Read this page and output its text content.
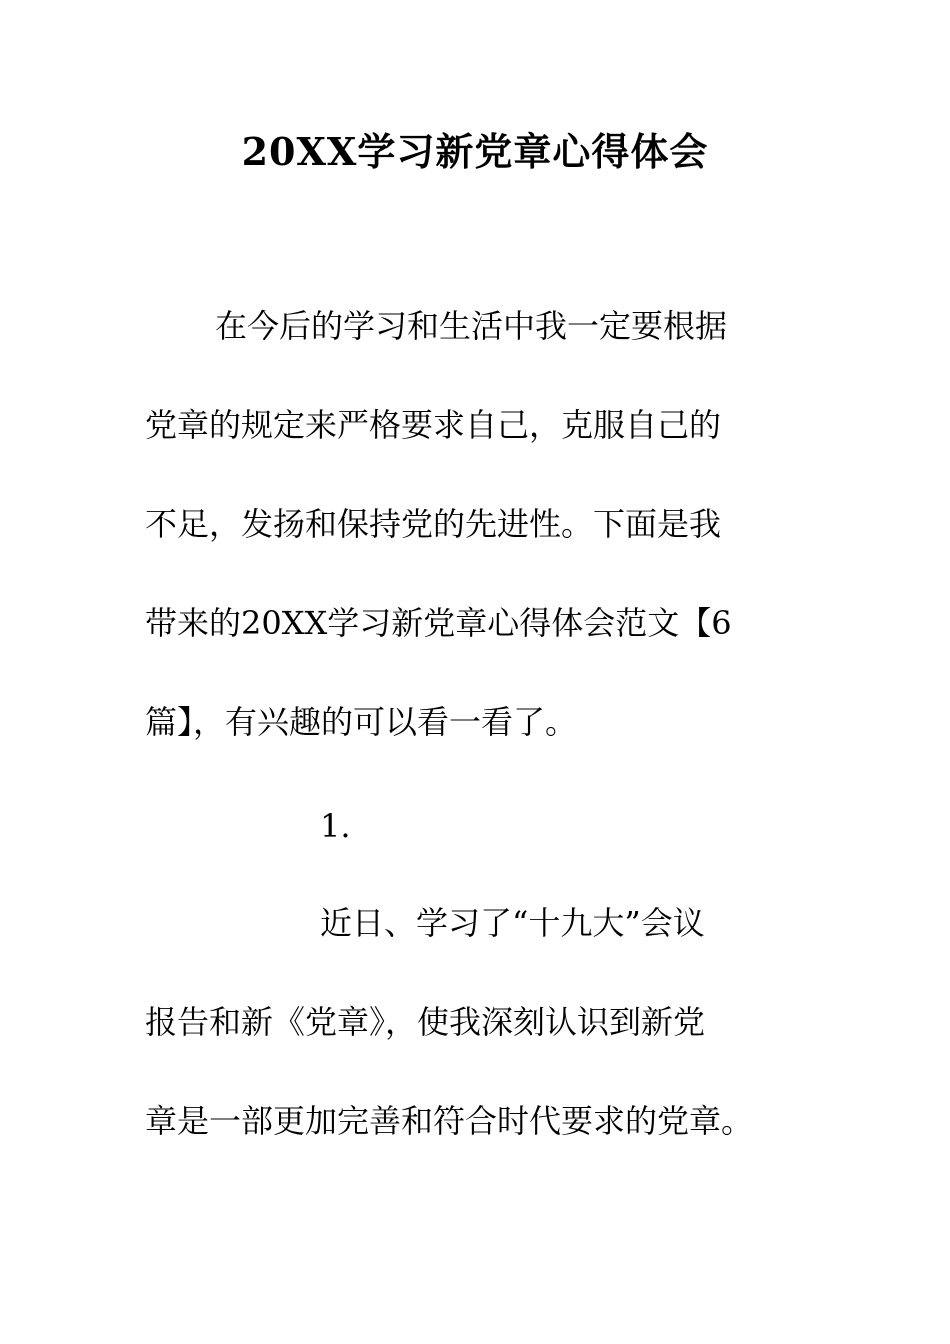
20XX学习新党章心得体会
在今后的学习和生活中我一定要根据
党章的规定来严格要求自己，克服自己的
不足，发扬和保持党的先进性。下面是我
带来的20XX学习新党章心得体会范文【6
篇】，有兴趣的可以看一看了。
1.
近日、学习了“十九大”会议
报告和新《党章》，使我深刻认识到新党
章是一部更加完善和符合时代要求的党章。
